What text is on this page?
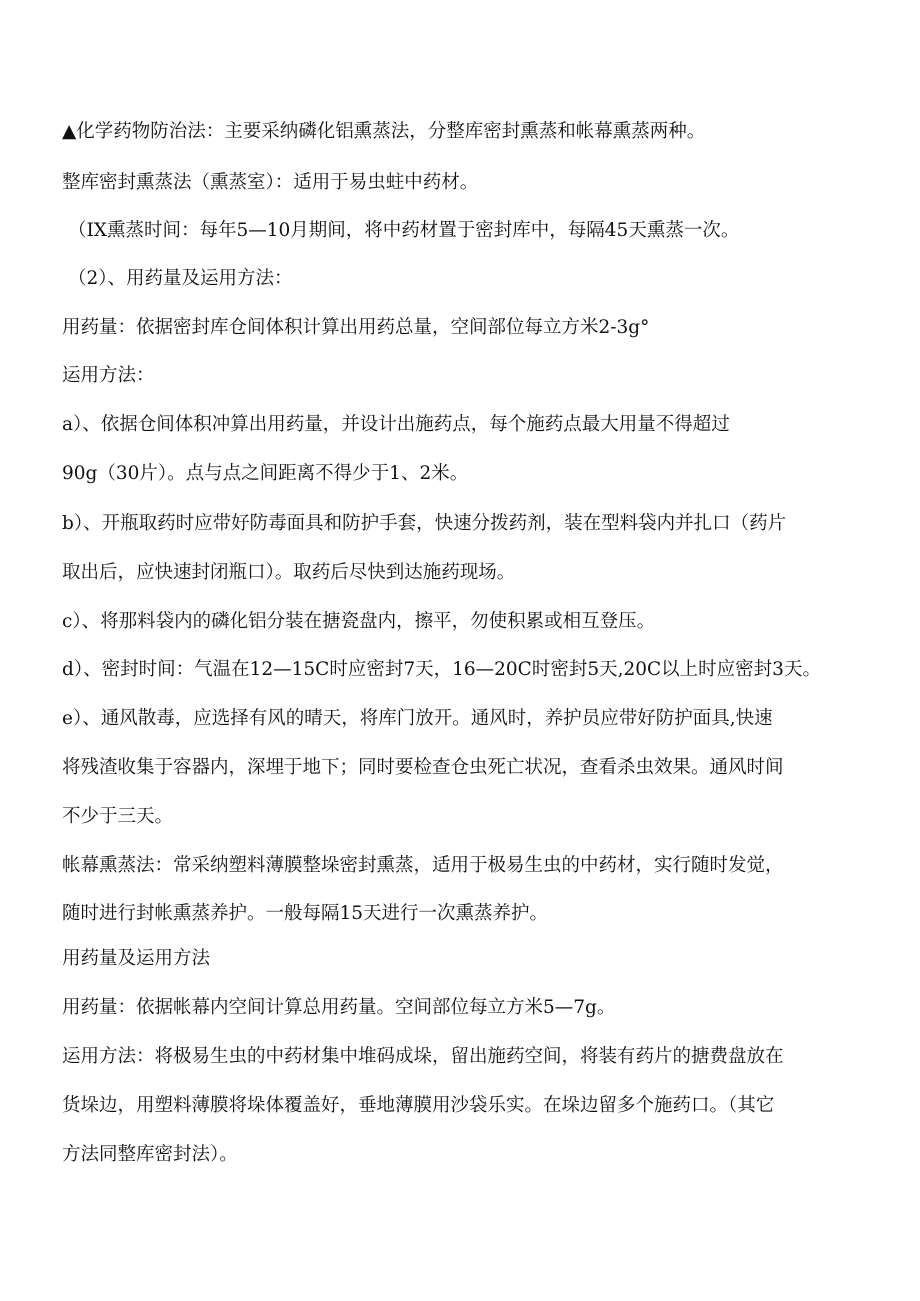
▲化学药物防治法：主要采纳磷化铝熏蒸法，分整库密封熏蒸和帐幕熏蒸两种。
整库密封熏蒸法（熏蒸室）：适用于易虫蛀中药材。
（IX熏蒸时间：每年5—10月期间，将中药材置于密封库中，每隔45天熏蒸一次。
（2）、用药量及运用方法：
用药量：依据密封库仓间体积计算出用药总量，空间部位每立方米2-3g°
运用方法：
a）、依据仓间体积冲算出用药量，并设计出施药点，每个施药点最大用量不得超过
90g（30片）。点与点之间距离不得少于1、2米。
b）、开瓶取药时应带好防毒面具和防护手套，快速分拨药剂，装在型料袋内并扎口（药片
取出后，应快速封闭瓶口）。取药后尽快到达施药现场。
c）、将那料袋内的磷化铝分装在搪瓷盘内，擦平，勿使积累或相互登压。
d）、密封时间：气温在12—15C时应密封7天，16—20C时密封5天,20C以上时应密封3天。
e）、通风散毒，应选择有风的晴天，将库门放开。通风时，养护员应带好防护面具,快速
将残渣收集于容器内，深埋于地下；同时要检查仓虫死亡状况，查看杀虫效果。通风时间
不少于三天。
帐幕熏蒸法：常采纳塑料薄膜整垛密封熏蒸，适用于极易生虫的中药材，实行随时发觉，
随时进行封帐熏蒸养护。一般每隔15天进行一次熏蒸养护。
用药量及运用方法
用药量：依据帐幕内空间计算总用药量。空间部位每立方米5—7g。
运用方法：将极易生虫的中药材集中堆码成垛，留出施药空间，将装有药片的搪费盘放在
货垛边，用塑料薄膜将垛体覆盖好，垂地薄膜用沙袋乐实。在垛边留多个施药口。（其它
方法同整库密封法）。
